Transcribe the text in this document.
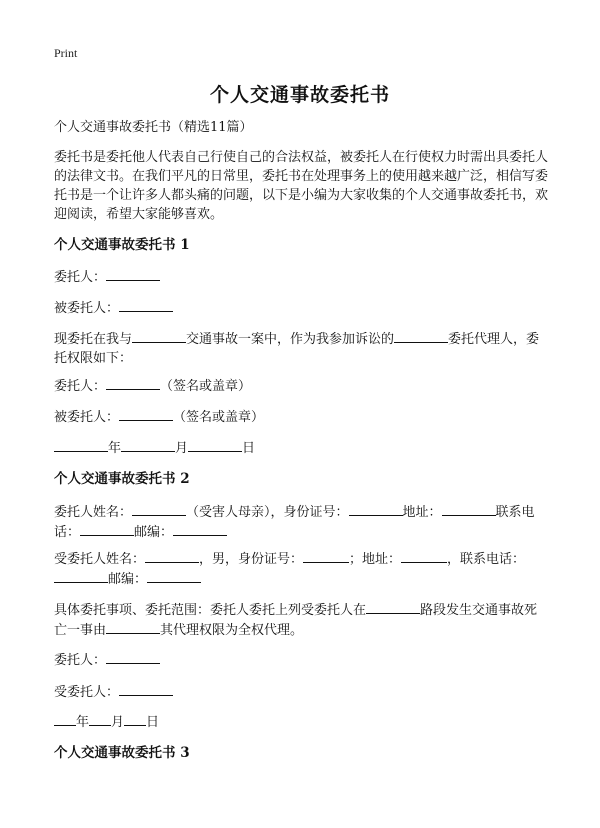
Print
个人交通事故委托书
个人交通事故委托书（精选11篇）
委托书是委托他人代表自己行使自己的合法权益，被委托人在行使权力时需出具委托人的法律文书。在我们平凡的日常里，委托书在处理事务上的使用越来越广泛，相信写委托书是一个让许多人都头痛的问题，以下是小编为大家收集的个人交通事故委托书，欢迎阅读，希望大家能够喜欢。
个人交通事故委托书 1
委托人：
被委托人：
现委托在我与	交通事故一案中，作为我参加诉讼的	委托代理人，委托权限如下：
委托人：	（签名或盖章）
被委托人：	（签名或盖章）
年	月	日
个人交通事故委托书 2
委托人姓名：	（受害人母亲），身份证号：	地址：	联系电话：	邮编：
受委托人姓名：	，男，身份证号：	；地址：	，联系电话：邮编：
具体委托事项、委托范围：委托人委托上列受委托人在	路段发生交通事故死亡一事由	其代理权限为全权代理。
委托人：
受委托人：
年 月 日
个人交通事故委托书 3
